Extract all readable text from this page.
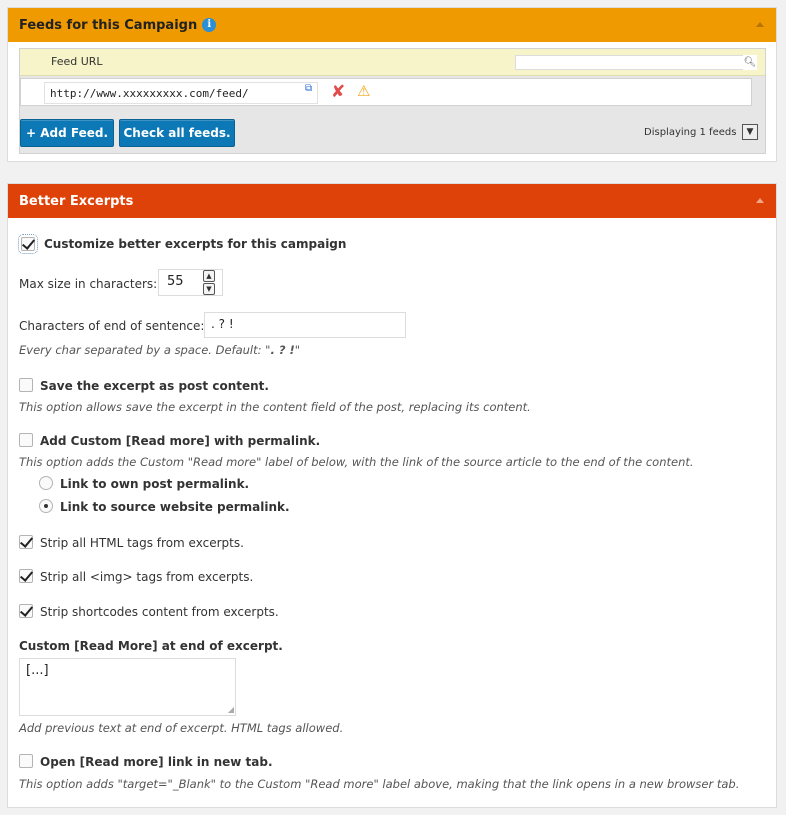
Feeds for this Campaign	i
Feed URL	🔍︎
http://www.xxxxxxxxx.com/feed/	⧉ ✘ ⚠︎
+ Add Feed.	Check all feeds.	Displaying 1 feeds	▼
Better Excerpts
Customize better excerpts for this campaign
Max size in characters: 55	▲
▼
Characters of end of sentence: . ? !
Every char separated by a space. Default: ". ? !"
Save the excerpt as post content.
This option allows save the excerpt in the content field of the post, replacing its content.
Add Custom [Read more] with permalink.
This option adds the Custom "Read more" label of below, with the link of the source article to the end of the content.
Link to own post permalink.
Link to source website permalink.
Strip all HTML tags from excerpts.
Strip all <img> tags from excerpts.
Strip shortcodes content from excerpts.
Custom [Read More] at end of excerpt.
[...]
◢
Add previous text at end of excerpt. HTML tags allowed.
Open [Read more] link in new tab.
This option adds "target="_Blank" to the Custom "Read more" label above, making that the link opens in a new browser tab.
